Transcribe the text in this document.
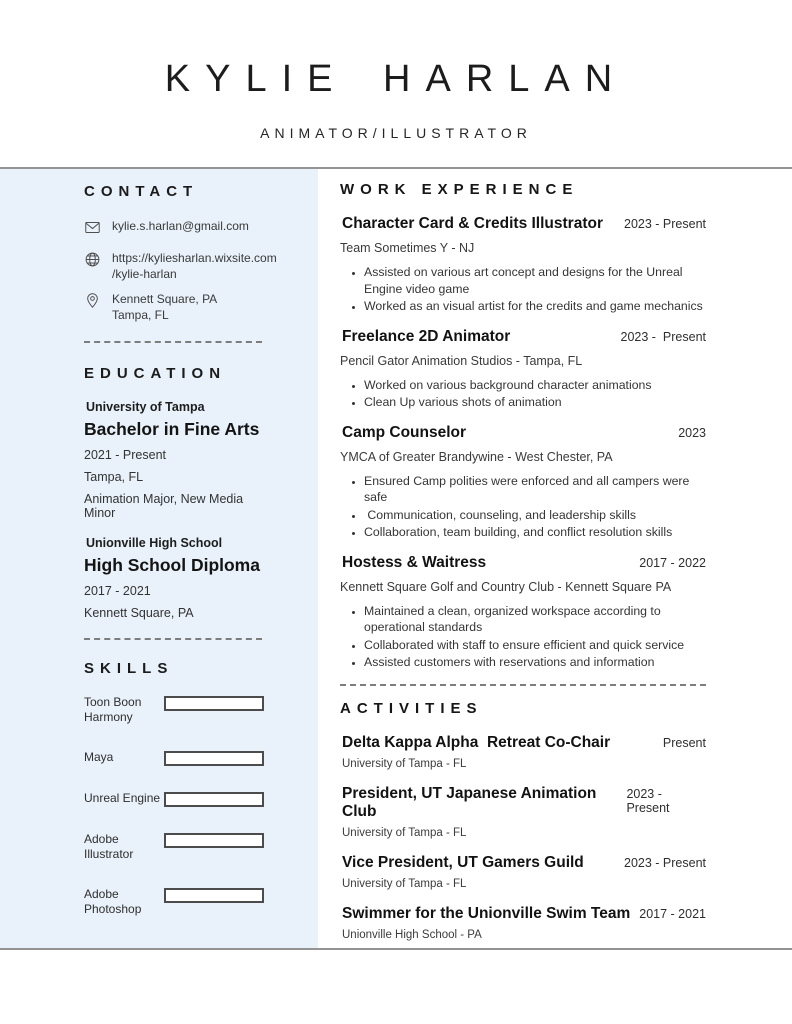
KYLIE HARLAN
ANIMATOR/ILLUSTRATOR
CONTACT
kylie.s.harlan@gmail.com
https://kyliesharlan.wixsite.com
/kylie-harlan
Kennett Square, PA
Tampa, FL
EDUCATION
University of Tampa
Bachelor in Fine Arts
2021 - Present
Tampa, FL
Animation Major, New Media Minor
Unionville High School
High School Diploma
2017 - 2021
Kennett Square, PA
SKILLS
Toon Boon Harmony
Maya
Unreal Engine
Adobe Illustrator
Adobe Photoshop
WORK EXPERIENCE
Character Card & Credits Illustrator 2023 - Present
Team Sometimes Y - NJ
• Assisted on various art concept and designs for the Unreal Engine video game
• Worked as an visual artist for the credits and game mechanics
Freelance 2D Animator	2023 -  Present
Pencil Gator Animation Studios - Tampa, FL
• Worked on various background character animations
• Clean Up various shots of animation
Camp Counselor	2023
YMCA of Greater Brandywine - West Chester, PA
• Ensured Camp polities were enforced and all campers were safe
•  Communication, counseling, and leadership skills
• Collaboration, team building, and conflict resolution skills
Hostess & Waitress	2017 - 2022
Kennett Square Golf and Country Club - Kennett Square PA
• Maintained a clean, organized workspace according to operational standards
• Collaborated with staff to ensure efficient and quick service
• Assisted customers with reservations and information
ACTIVITIES
Delta Kappa Alpha  Retreat Co-Chair	Present
University of Tampa - FL
President, UT Japanese Animation Club
2023 - Present
University of Tampa - FL
Vice President, UT Gamers Guild	2023 - Present
University of Tampa - FL
Swimmer for the Unionville Swim Team 2017 - 2021
Unionville High School - PA
